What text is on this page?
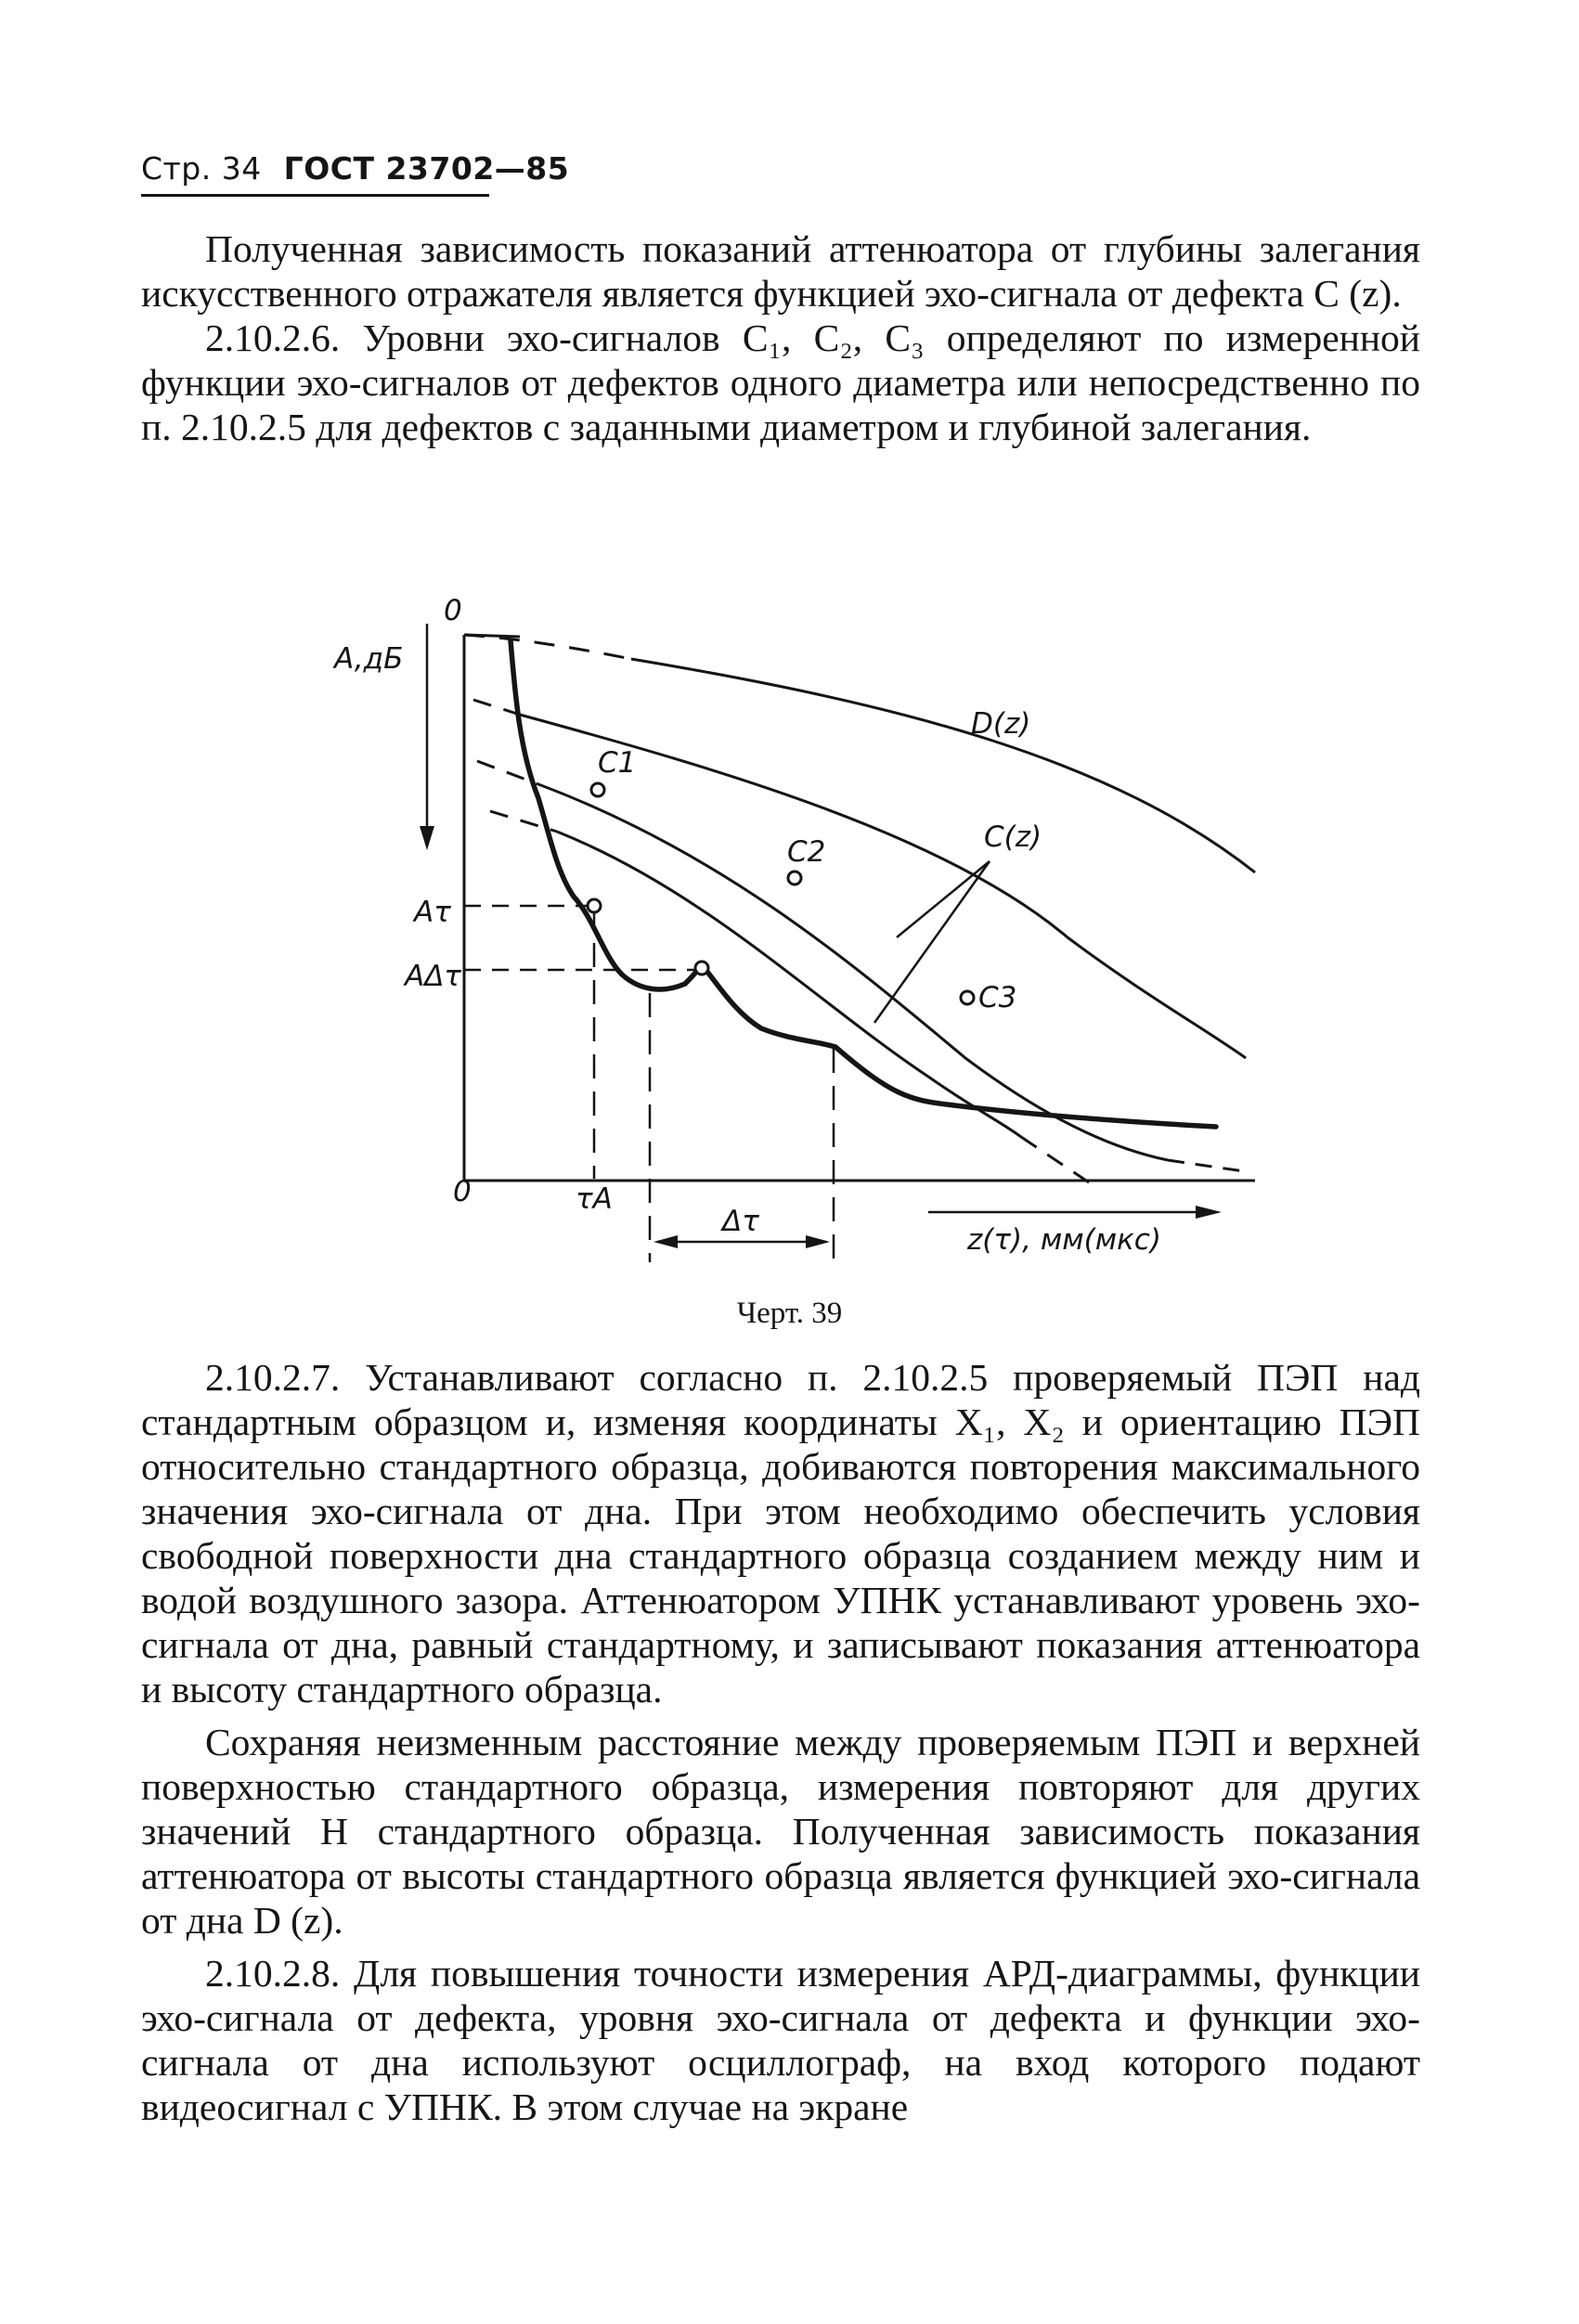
Стр. 34 ГОСТ 23702—85

Полученная зависимость показаний аттенюатора от глубины залегания искусственного отражателя является функцией эхо-сигнала от дефекта C (z).

2.10.2.6. Уровни эхо-сигналов C₁, C₂, C₃ определяют по измеренной функции эхо-сигналов от дефектов одного диаметра или непосредственно по п. 2.10.2.5 для дефектов с заданными диаметром и глубиной залегания.

0
A,дБ
Aτ
AΔτ
0	τA
Δτ
z(τ), мм(мкс)
D(z)
C(z)
C1
C2
C3
Черт. 39

2.10.2.7. Устанавливают согласно п. 2.10.2.5 проверяемый ПЭП над стандартным образцом и, изменяя координаты X₁, X₂ и ориентацию ПЭП относительно стандартного образца, добиваются повторения максимального значения эхо-сигнала от дна. При этом необходимо обеспечить условия свободной поверхности дна стандартного образца созданием между ним и водой воздушного зазора. Аттенюатором УПНК устанавливают уровень эхо-сигнала от дна, равный стандартному, и записывают показания аттенюатора и высоту стандартного образца.

Сохраняя неизменным расстояние между проверяемым ПЭП и верхней поверхностью стандартного образца, измерения повторяют для других значений H стандартного образца. Полученная зависимость показания аттенюатора от высоты стандартного образца является функцией эхо-сигнала от дна D (z).

2.10.2.8. Для повышения точности измерения АРД-диаграммы, функции эхо-сигнала от дефекта, уровня эхо-сигнала от дефекта и функции эхо-сигнала от дна используют осциллограф, на вход которого подают видеосигнал с УПНК. В этом случае на экране
